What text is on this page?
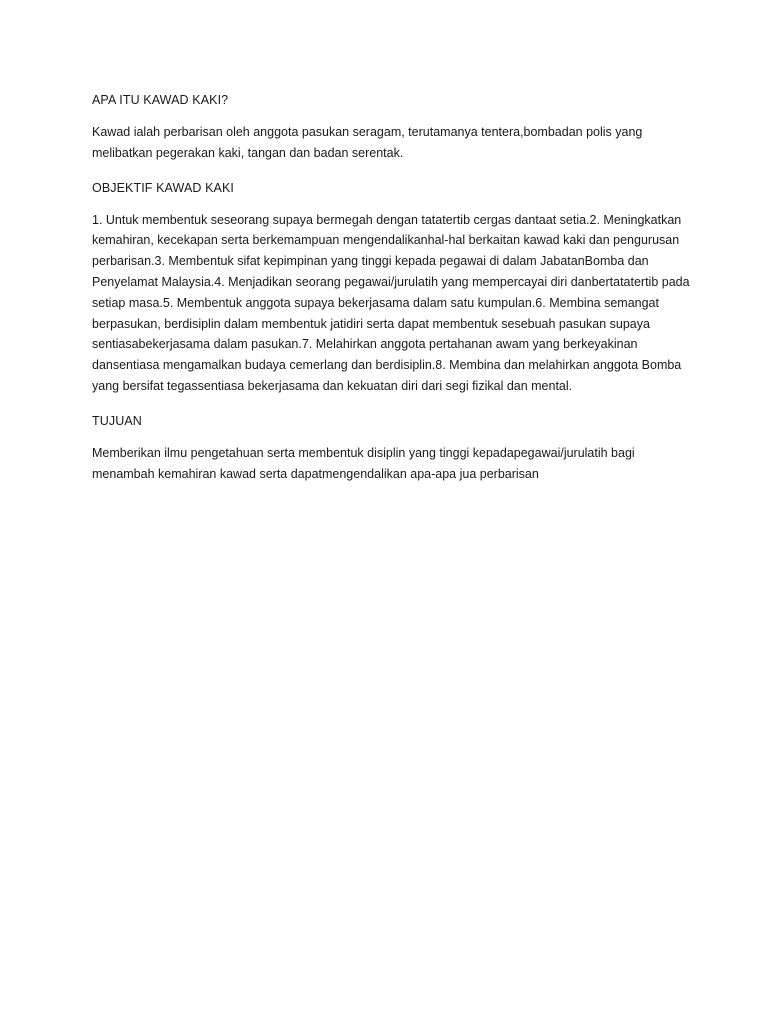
APA ITU KAWAD KAKI?

Kawad ialah perbarisan oleh anggota pasukan seragam, terutamanya tentera,bombadan polis yang melibatkan pegerakan kaki, tangan dan badan serentak.

OBJEKTIF KAWAD KAKI

1. Untuk membentuk seseorang supaya bermegah dengan tatatertib cergas dantaat setia.2. Meningkatkan kemahiran, kecekapan serta berkemampuan mengendalikanhal-hal berkaitan kawad kaki dan pengurusan perbarisan.3. Membentuk sifat kepimpinan yang tinggi kepada pegawai di dalam JabatanBomba dan Penyelamat Malaysia.4. Menjadikan seorang pegawai/jurulatih yang mempercayai diri danbertatatertib pada setiap masa.5. Membentuk anggota supaya bekerjasama dalam satu kumpulan.6. Membina semangat berpasukan, berdisiplin dalam membentuk jatidiri serta dapat membentuk sesebuah pasukan supaya sentiasabekerjasama dalam pasukan.7. Melahirkan anggota pertahanan awam yang berkeyakinan dansentiasa mengamalkan budaya cemerlang dan berdisiplin.8. Membina dan melahirkan anggota Bomba yang bersifat tegassentiasa bekerjasama dan kekuatan diri dari segi fizikal dan mental.

TUJUAN

Memberikan ilmu pengetahuan serta membentuk disiplin yang tinggi kepadapegawai/jurulatih bagi menambah kemahiran kawad serta dapatmengendalikan apa-apa jua perbarisan
